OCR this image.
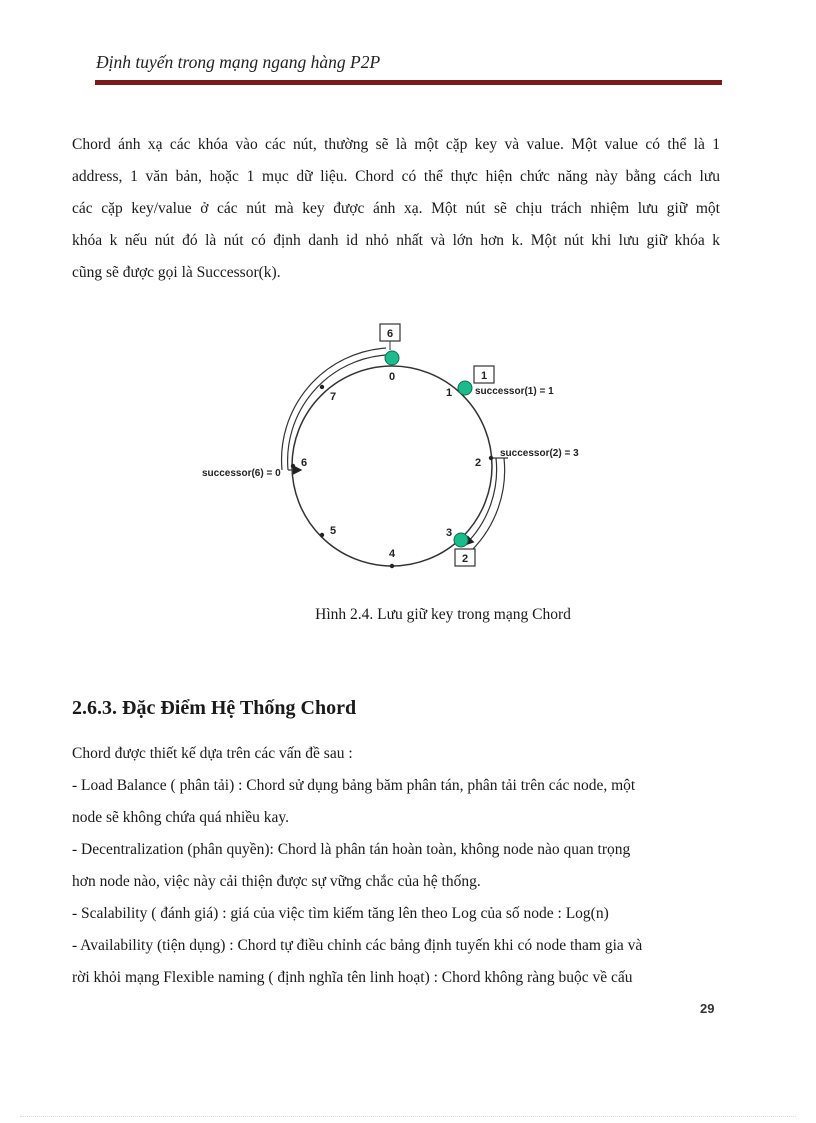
Định tuyến trong mạng ngang hàng P2P

Chord ánh xạ các khóa vào các nút, thường sẽ là một cặp key và value. Một value có thể là 1
address, 1 văn bản, hoặc 1 mục dữ liệu. Chord có thể thực hiện chức năng này bằng cách lưu
các cặp key/value ở các nút mà key được ánh xạ. Một nút sẽ chịu trách nhiệm lưu giữ một
khóa k nếu nút đó là nút có định danh id nhỏ nhất và lớn hơn k. Một nút khi lưu giữ khóa k
cũng sẽ được gọi là Successor(k).

6
1
2
0
1
2
3
4
5
6
7	successor(1) = 1
successor(2) = 3
successor(6) = 0
Hình 2.4. Lưu giữ key trong mạng Chord
2.6.3. Đặc Điểm Hệ Thống Chord
Chord được thiết kế dựa trên các vấn đề sau :
- Load Balance ( phân tải) : Chord sử dụng bảng băm phân tán, phân tải trên các node, một
node sẽ không chứa quá nhiều kay.
- Decentralization (phân quyền): Chord là phân tán hoàn toàn, không node nào quan trọng
hơn node nào, việc này cải thiện được sự vững chắc của hệ thống.
- Scalability ( đánh giá) : giá của việc tìm kiếm tăng lên theo Log của số node : Log(n)
- Availability (tiện dụng) : Chord tự điều chỉnh các bảng định tuyến khi có node tham gia và
rời khỏi mạng Flexible naming ( định nghĩa tên linh hoạt) : Chord không ràng buộc về cấu
29
